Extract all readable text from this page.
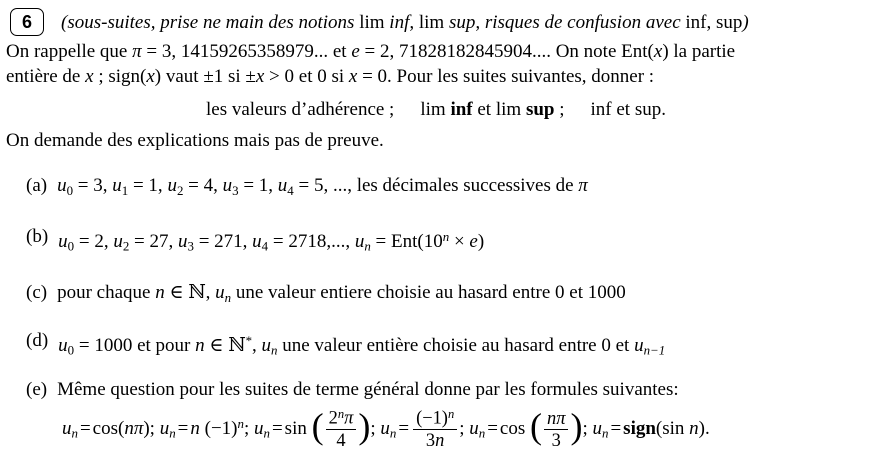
6	(sous-suites, prise ne main des notions lim inf, lim sup, risques de confusion avec inf, sup)
On rappelle que π = 3, 14159265358979... et e = 2, 71828182845904.... On note Ent(x) la partie
entière de x ; sign(x) vaut ±1 si ±x > 0 et 0 si x = 0. Pour les suites suivantes, donner :
les valeurs d’adhérence ; lim inf et lim sup ; inf et sup.
On demande des explications mais pas de preuve.
(a) $u_0 = 3$, $u_1 = 1$, $u_2 = 4$, $u_3 = 1$, $u_4 = 5$, ..., les décimales successives de π
(b) $u_0 = 2$, $u_2 = 27$, $u_3 = 271$, $u_4 = 2718$,..., $u_n = Ent(10^n \times e)$
(c) pour chaque n ∈ ℕ, $u_n$ une valeur entiere choisie au hasard entre 0 et 1000
(d) $u_0 = 1000$ et pour n ∈ ℕ*, $u_n$ une valeur entière choisie au hasard entre 0 et $u_{n-1}$
(e) Même question pour les suites de terme général donne par les formules suivantes:
$u_n = \cos(n\pi)$; $u_n = n$ $(-1)^n$; $u_n = \sin$ ( $\frac{2^n\pi}{4}$ ); $u_n = \frac{(-1)^n}{3n}$ ; $u_n = \cos$ ( $\frac{n\pi}{3}$ ); $u_n$ = sign(sin n).
